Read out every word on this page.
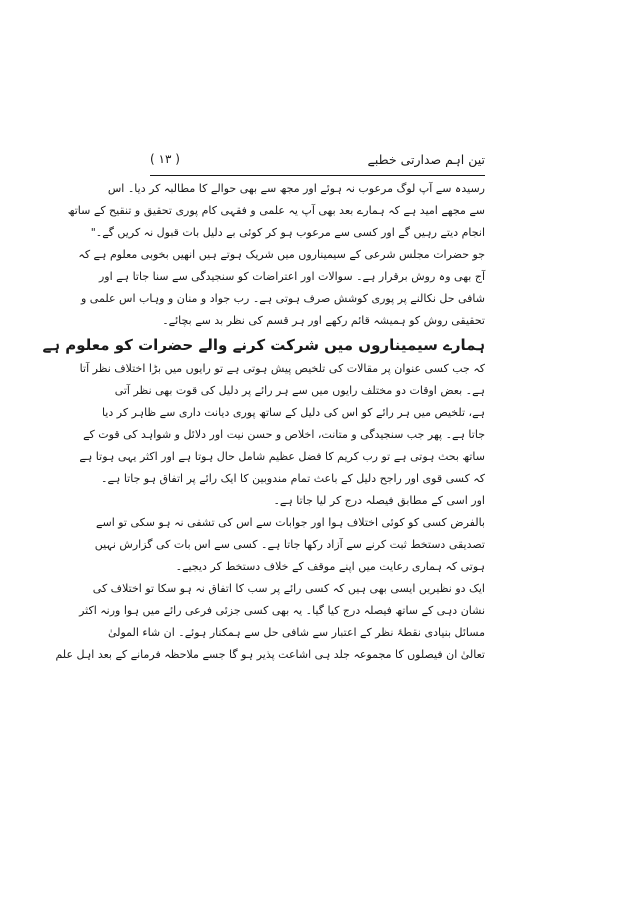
تین اہم صدارتی خطبے
( ۱۳ )
رسیدہ سے آپ لوگ مرعوب نہ ہوئے اور مجھ سے بھی حوالے کا مطالبہ کر دیا۔ اس
سے مجھے امید ہے کہ ہمارے بعد بھی آپ یہ علمی و فقہی کام پوری تحقیق و تنقیح کے ساتھ
انجام دیتے رہیں گے اور کسی سے مرعوب ہو کر کوئی بے دلیل بات قبول نہ کریں گے۔"
جو حضرات مجلس شرعی کے سیمیناروں میں شریک ہوتے ہیں انھیں بخوبی معلوم ہے کہ
آج بھی وہ روش برقرار ہے۔ سوالات اور اعتراضات کو سنجیدگی سے سنا جاتا ہے اور
شافی حل نکالنے پر پوری کوشش صرف ہوتی ہے۔ رب جواد و منان و وہاب اس علمی و
تحقیقی روش کو ہمیشہ قائم رکھے اور ہر قسم کی نظر بد سے بچائے۔
ہمارے سیمیناروں میں شرکت کرنے والے حضرات کو معلوم ہے
کہ جب کسی عنوان پر مقالات کی تلخیص پیش ہوتی ہے تو رایوں میں بڑا اختلاف نظر آتا
ہے۔ بعض اوقات دو مختلف رایوں میں سے ہر رائے پر دلیل کی قوت بھی نظر آتی
ہے، تلخیص میں ہر رائے کو اس کی دلیل کے ساتھ پوری دیانت داری سے ظاہر کر دیا
جاتا ہے۔ پھر جب سنجیدگی و متانت، اخلاص و حسن نیت اور دلائل و شواہد کی قوت کے
ساتھ بحث ہوتی ہے تو رب کریم کا فضل عظیم شامل حال ہوتا ہے اور اکثر یہی ہوتا ہے
کہ کسی قوی اور راجح دلیل کے باعث تمام مندوبین کا ایک رائے پر اتفاق ہو جاتا ہے۔
اور اسی کے مطابق فیصلہ درج کر لیا جاتا ہے۔
بالفرض کسی کو کوئی اختلاف ہوا اور جوابات سے اس کی تشفی نہ ہو سکی تو اسے
تصدیقی دستخط ثبت کرنے سے آزاد رکھا جاتا ہے۔ کسی سے اس بات کی گزارش نہیں
ہوتی کہ ہماری رعایت میں اپنے موقف کے خلاف دستخط کر دیجیے۔
ایک دو نظیریں ایسی بھی ہیں کہ کسی رائے پر سب کا اتفاق نہ ہو سکا تو اختلاف کی
نشان دہی کے ساتھ فیصلہ درج کیا گیا۔ یہ بھی کسی جزئی فرعی رائے میں ہوا ورنہ اکثر
مسائل بنیادی نقطۂ نظر کے اعتبار سے شافی حل سے ہمکنار ہوئے۔ ان شاء المولیٰ
تعالیٰ ان فیصلوں کا مجموعہ جلد ہی اشاعت پذیر ہو گا جسے ملاحظہ فرمانے کے بعد اہل علم
